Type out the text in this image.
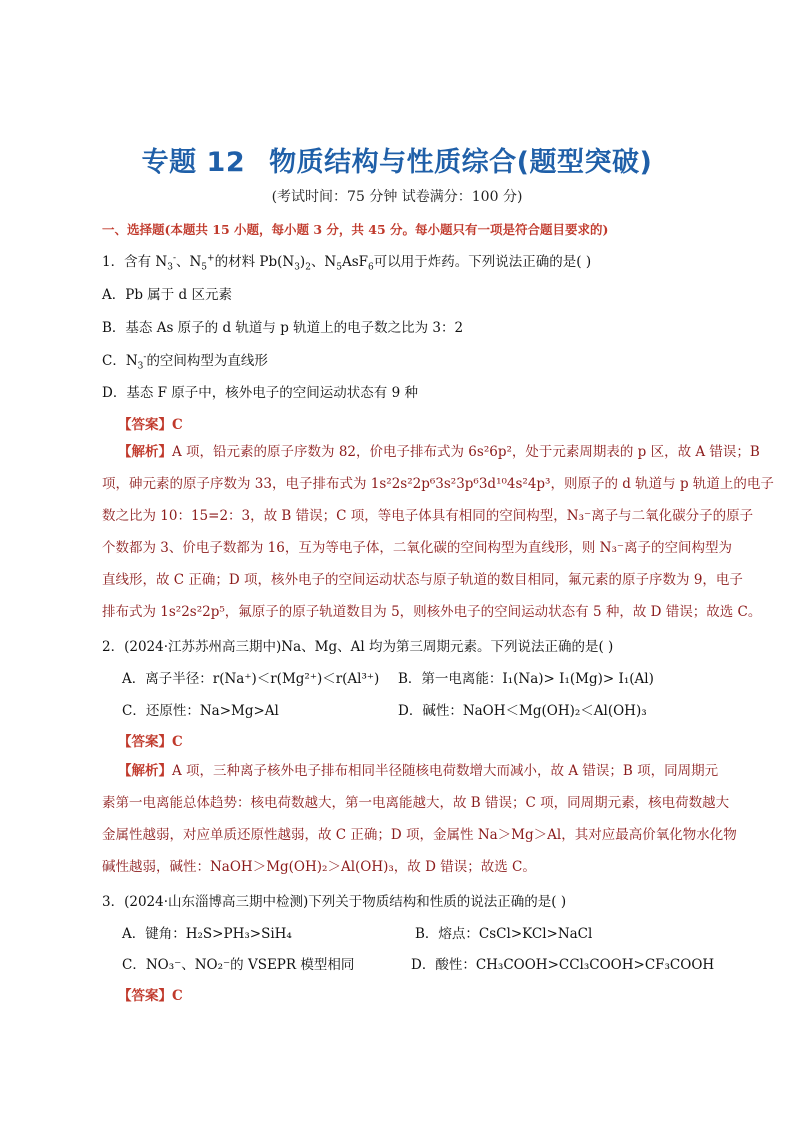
专题 12 物质结构与性质综合(题型突破)
(考试时间：75 分钟 试卷满分：100 分)
一、选择题(本题共 15 小题，每小题 3 分，共 45 分。每小题只有一项是符合题目要求的)
1．含有 $N_3^-$、$N_5^+$的材料 $Pb(N_3)_2$、$N_5AsF_6$可以用于炸药。下列说法正确的是( )
A．Pb 属于 d 区元素
B．基态 As 原子的 d 轨道与 p 轨道上的电子数之比为 3：2
C．$N_3^-$的空间构型为直线形
D．基态 F 原子中，核外电子的空间运动状态有 9 种
【答案】C
【解析】A 项，铅元素的原子序数为 82，价电子排布式为 6s²6p²，处于元素周期表的 p 区，故 A 错误；B
项，砷元素的原子序数为 33，电子排布式为 1s²2s²2p⁶3s²3p⁶3d¹⁰4s²4p³，则原子的 d 轨道与 p 轨道上的电子
数之比为 10：15=2：3，故 B 错误；C 项，等电子体具有相同的空间构型，N₃⁻离子与二氧化碳分子的原子
个数都为 3、价电子数都为 16，互为等电子体，二氧化碳的空间构型为直线形，则 N₃⁻离子的空间构型为
直线形，故 C 正确；D 项，核外电子的空间运动状态与原子轨道的数目相同，氟元素的原子序数为 9，电子
排布式为 1s²2s²2p⁵，氟原子的原子轨道数目为 5，则核外电子的空间运动状态有 5 种，故 D 错误；故选 C。
2．(2024·江苏苏州高三期中)Na、Mg、Al 均为第三周期元素。下列说法正确的是( )
A．离子半径：r(Na⁺)＜r(Mg²⁺)＜r(Al³⁺) B．第一电离能：I₁(Na)> I₁(Mg)> I₁(Al)
C．还原性：Na>Mg>Al	D．碱性：NaOH＜Mg(OH)₂＜Al(OH)₃
【答案】C
【解析】A 项，三种离子核外电子排布相同半径随核电荷数增大而减小，故 A 错误；B 项，同周期元
素第一电离能总体趋势：核电荷数越大，第一电离能越大，故 B 错误；C 项，同周期元素，核电荷数越大
金属性越弱，对应单质还原性越弱，故 C 正确；D 项，金属性 Na＞Mg＞Al，其对应最高价氧化物水化物
碱性越弱，碱性：NaOH＞Mg(OH)₂＞Al(OH)₃，故 D 错误；故选 C。
3．(2024·山东淄博高三期中检测)下列关于物质结构和性质的说法正确的是( )
A．键角：H₂S>PH₃>SiH₄	B．熔点：CsCl>KCl>NaCl
C．NO₃⁻、NO₂⁻的 VSEPR 模型相同	D．酸性：CH₃COOH>CCl₃COOH>CF₃COOH
【答案】C
